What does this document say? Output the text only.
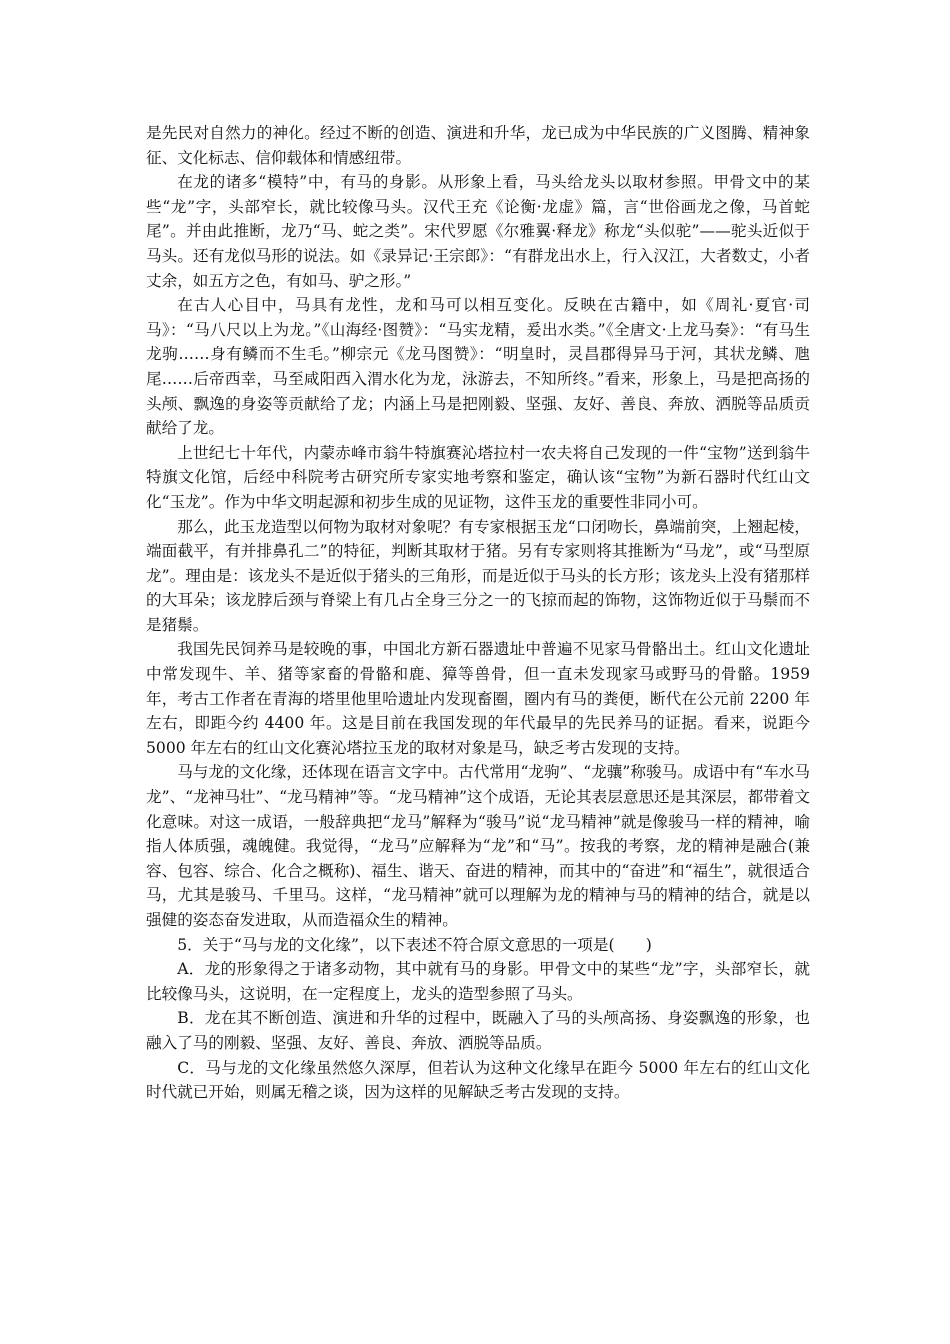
是先民对自然力的神化。经过不断的创造、演进和升华，龙已成为中华民族的广义图腾、精神象征、文化标志、信仰载体和情感纽带。

在龙的诸多“模特”中，有马的身影。从形象上看，马头给龙头以取材参照。甲骨文中的某些“龙”字，头部窄长，就比较像马头。汉代王充《论衡·龙虚》篇，言“世俗画龙之像，马首蛇尾”。并由此推断，龙乃“马、蛇之类”。宋代罗愿《尔雅翼·释龙》称龙“头似驼”——驼头近似于马头。还有龙似马形的说法。如《录异记·王宗郎》：“有群龙出水上，行入汉江，大者数丈，小者丈余，如五方之色，有如马、驴之形。”

在古人心目中，马具有龙性，龙和马可以相互变化。反映在古籍中，如《周礼·夏官·司马》：“马八尺以上为龙。”《山海经·图赞》：“马实龙精，爰出水类。”《全唐文·上龙马奏》：“有马生龙驹……身有鳞而不生毛。”柳宗元《龙马图赞》：“明皇时，灵昌郡得异马于河，其状龙鳞、虺尾……后帝西幸，马至咸阳西入渭水化为龙，泳游去，不知所终。”看来，形象上，马是把高扬的头颅、飘逸的身姿等贡献给了龙；内涵上马是把刚毅、坚强、友好、善良、奔放、洒脱等品质贡献给了龙。

上世纪七十年代，内蒙赤峰市翁牛特旗赛沁塔拉村一农夫将自己发现的一件“宝物”送到翁牛特旗文化馆，后经中科院考古研究所专家实地考察和鉴定，确认该“宝物”为新石器时代红山文化“玉龙”。作为中华文明起源和初步生成的见证物，这件玉龙的重要性非同小可。

那么，此玉龙造型以何物为取材对象呢？有专家根据玉龙“口闭吻长，鼻端前突，上翘起棱，端面截平，有并排鼻孔二”的特征，判断其取材于猪。另有专家则将其推断为“马龙”，或“马型原龙”。理由是：该龙头不是近似于猪头的三角形，而是近似于马头的长方形；该龙头上没有猪那样的大耳朵；该龙脖后颈与脊梁上有几占全身三分之一的飞掠而起的饰物，这饰物近似于马鬃而不是猪鬃。

我国先民饲养马是较晚的事，中国北方新石器遗址中普遍不见家马骨骼出土。红山文化遗址中常发现牛、羊、猪等家畜的骨骼和鹿、獐等兽骨，但一直未发现家马或野马的骨骼。1959 年，考古工作者在青海的塔里他里哈遗址内发现畜圈，圈内有马的粪便，断代在公元前 2200 年左右，即距今约 4400 年。这是目前在我国发现的年代最早的先民养马的证据。看来，说距今 5000 年左右的红山文化赛沁塔拉玉龙的取材对象是马，缺乏考古发现的支持。

马与龙的文化缘，还体现在语言文字中。古代常用“龙驹”、“龙骧”称骏马。成语中有“车水马龙”、“龙神马壮”、“龙马精神”等。“龙马精神”这个成语，无论其表层意思还是其深层，都带着文化意味。对这一成语，一般辞典把“龙马”解释为“骏马”说“龙马精神”就是像骏马一样的精神，喻指人体质强，魂魄健。我觉得，“龙马”应解释为“龙”和“马”。按我的考察，龙的精神是融合(兼容、包容、综合、化合之概称)、福生、谐天、奋进的精神，而其中的“奋进”和“福生”，就很适合马，尤其是骏马、千里马。这样，“龙马精神”就可以理解为龙的精神与马的精神的结合，就是以强健的姿态奋发进取，从而造福众生的精神。

5．关于“马与龙的文化缘”，以下表述不符合原文意思的一项是(　　)

A．龙的形象得之于诸多动物，其中就有马的身影。甲骨文中的某些“龙”字，头部窄长，就比较像马头，这说明，在一定程度上，龙头的造型参照了马头。

B．龙在其不断创造、演进和升华的过程中，既融入了马的头颅高扬、身姿飘逸的形象，也融入了马的刚毅、坚强、友好、善良、奔放、洒脱等品质。

C．马与龙的文化缘虽然悠久深厚，但若认为这种文化缘早在距今 5000 年左右的红山文化时代就已开始，则属无稽之谈，因为这样的见解缺乏考古发现的支持。
